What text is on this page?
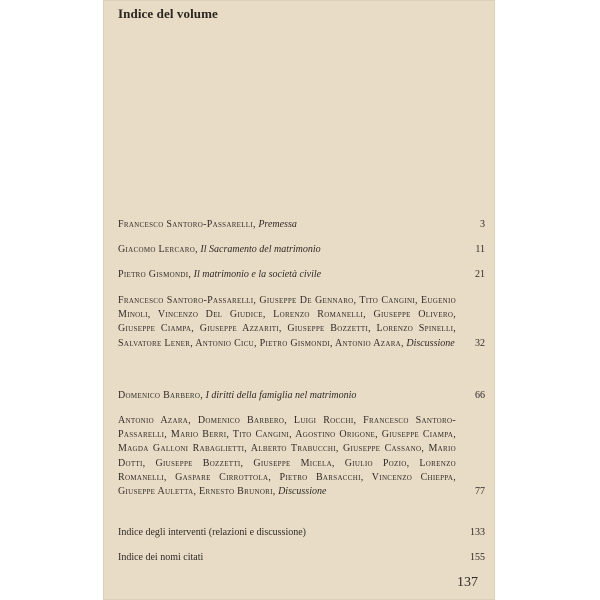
Indice del volume
Francesco Santoro-Passarelli, Premessa	3
Giacomo Lercaro, Il Sacramento del matrimonio	11
Pietro Gismondi, Il matrimonio e la società civile	21
Francesco Santoro-Passarelli, Giuseppe De Gennaro, Tito Cangini, Eugenio Minoli, Vincenzo Del Giudice, Lorenzo Romanelli, Giuseppe Olivero, Giuseppe Ciampa, Giuseppe Azzariti, Giuseppe Bozzetti, Lorenzo Spinelli, Salvatore Lener, Antonio Cicu, Pietro Gismondi, Antonio Azara, Discussione 32
Domenico Barbero, I diritti della famiglia nel matrimonio	66
Antonio Azara, Domenico Barbero, Luigi Rocchi, Francesco Santoro-Passarelli, Mario Berri, Tito Cangini, Agostino Origone, Giuseppe Ciampa, Magda Galloni Rabaglietti, Alberto Trabucchi, Giuseppe Cassano, Mario Dotti, Giuseppe Bozzetti, Giuseppe Micela, Giulio Pozio, Lorenzo Romanelli, Gaspare Cirrottola, Pietro Barsacchi, Vincenzo Chieppa, Giuseppe Auletta, Ernesto Brunori, Discussione	77
Indice degli interventi (relazioni e discussione)	133
Indice dei nomi citati	155
137
